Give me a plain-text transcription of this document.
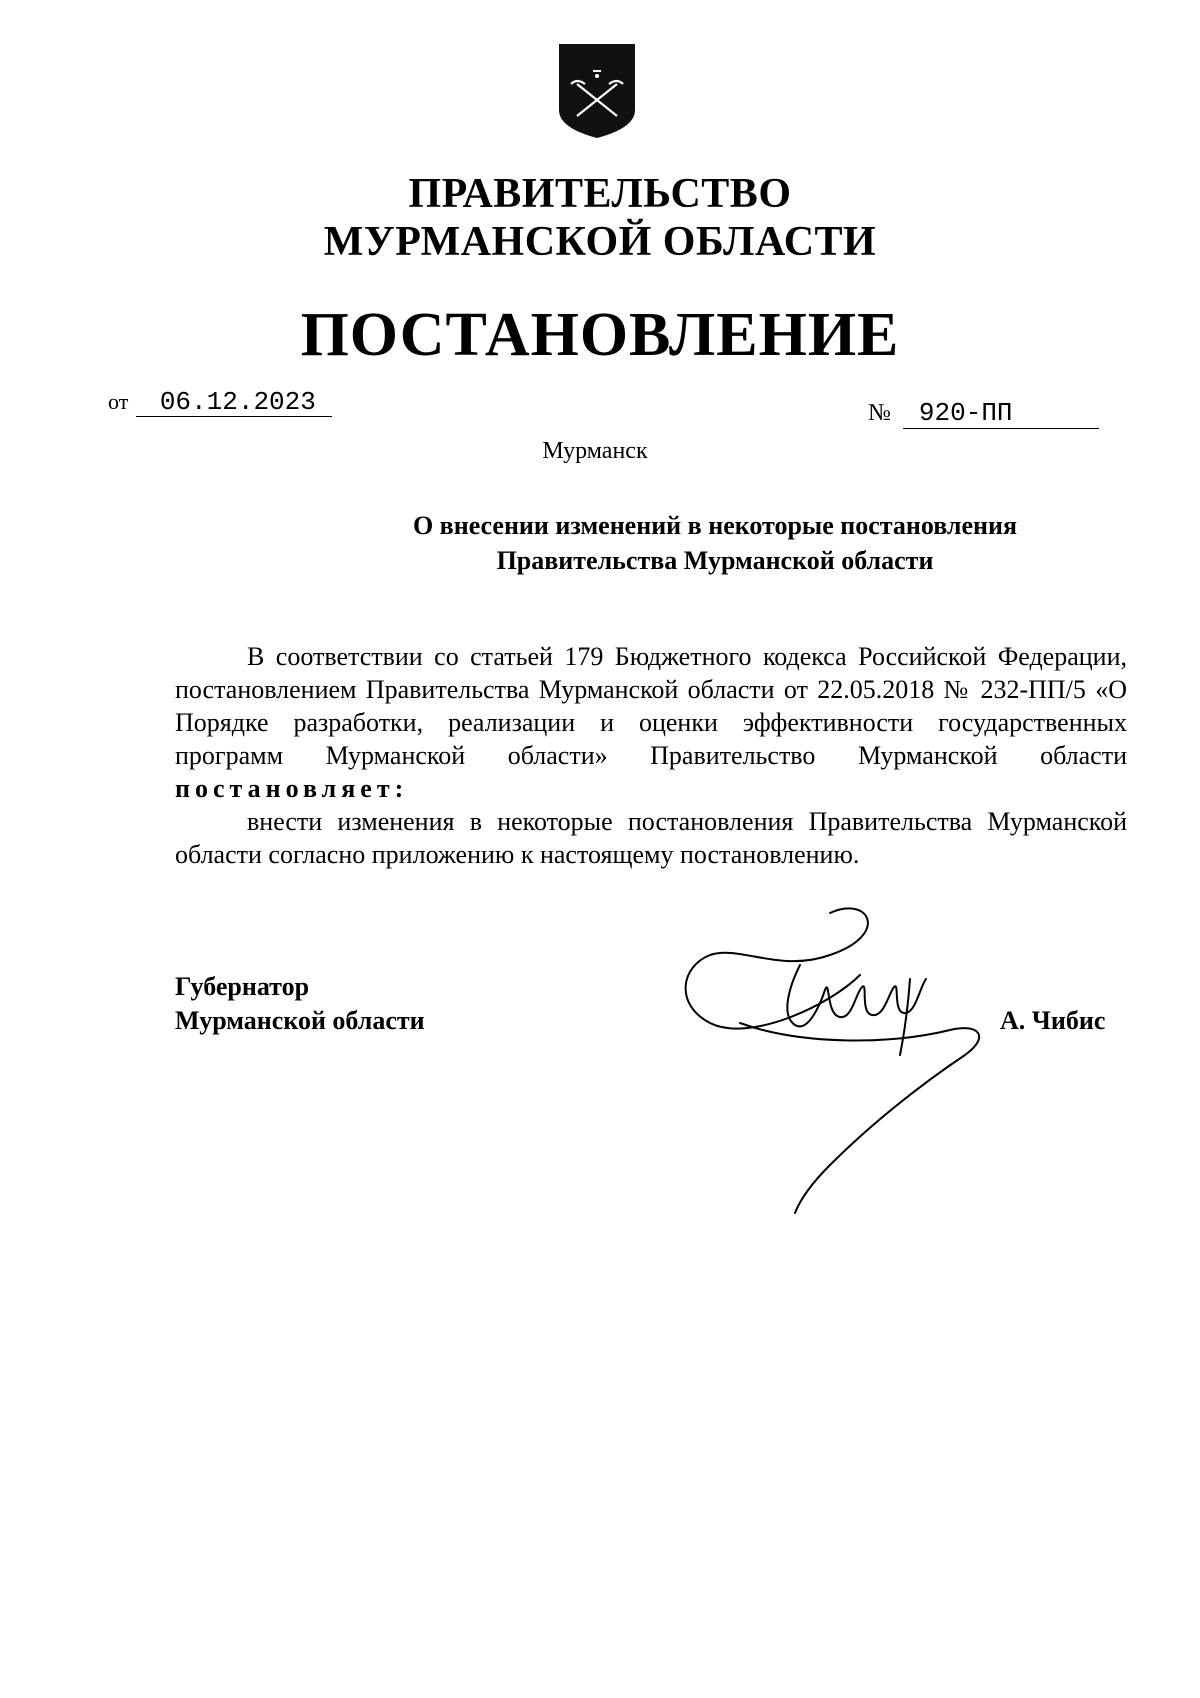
ПРАВИТЕЛЬСТВО
МУРМАНСКОЙ ОБЛАСТИ
ПОСТАНОВЛЕНИЕ
от 06.12.2023	№ 920-ПП
Мурманск
О внесении изменений в некоторые постановления
Правительства Мурманской области

В соответствии со статьей 179 Бюджетного кодекса Российской Федерации, постановлением Правительства Мурманской области от 22.05.2018 № 232-ПП/5 «О Порядке разработки, реализации и оценки эффективности государственных программ Мурманской области» Правительство Мурманской области постановляет:

внести изменения в некоторые постановления Правительства Мурманской области согласно приложению к настоящему постановлению.

Губернатор
Мурманской области	А. Чибис
